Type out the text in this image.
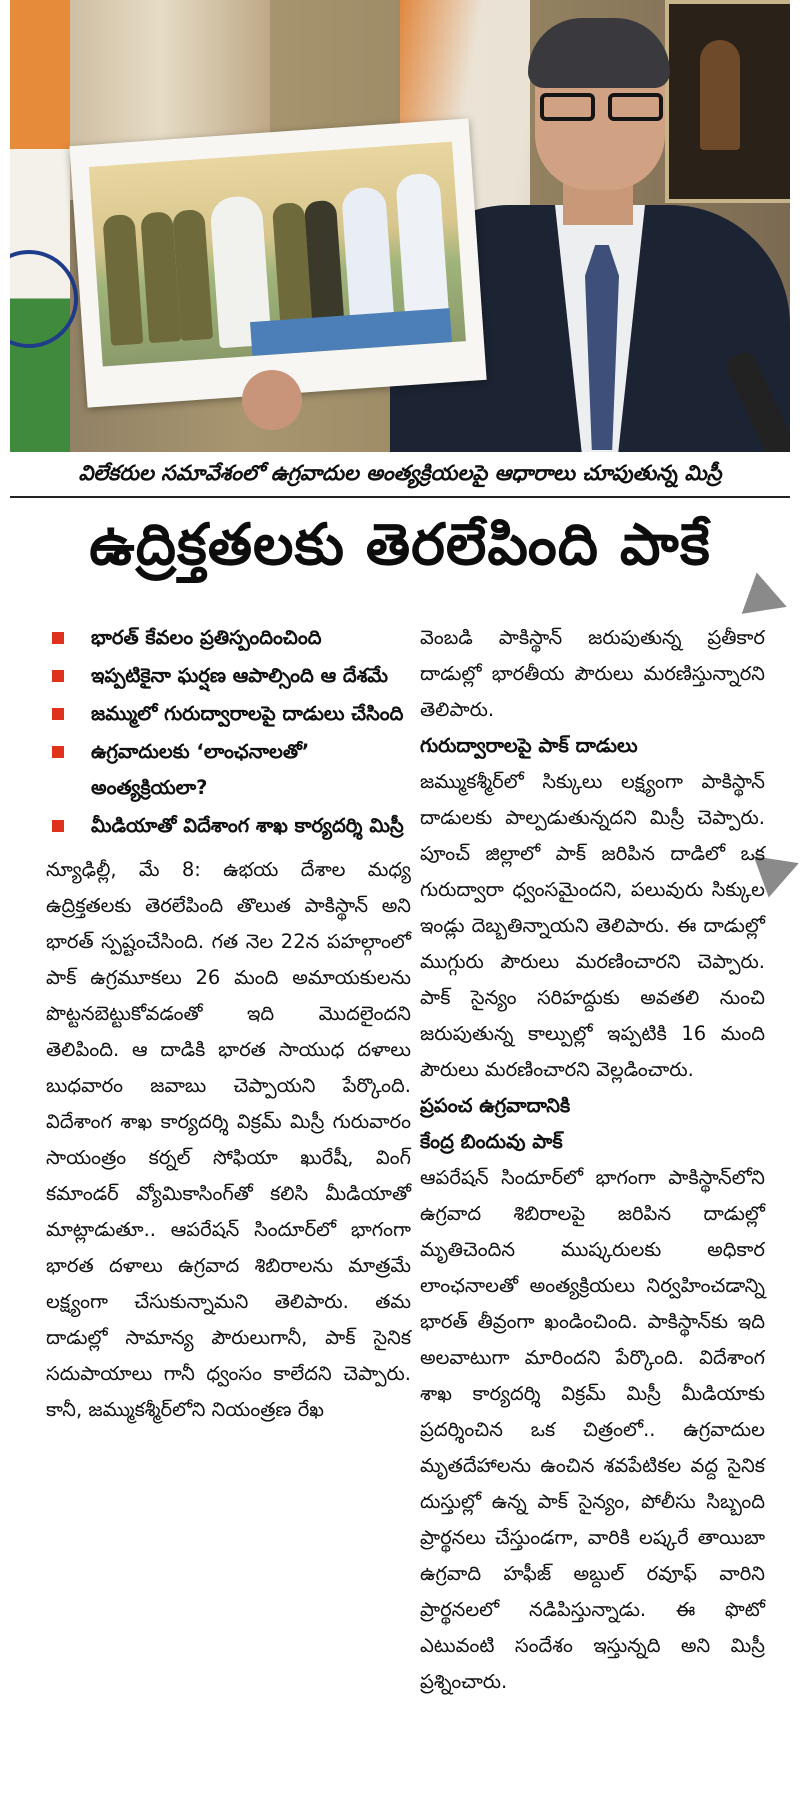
విలేకరుల సమావేశంలో ఉగ్రవాదుల అంత్యక్రియలపై ఆధారాలు చూపుతున్న మిస్రీ
ఉద్రిక్తతలకు తెరలేపింది పాకే
భారత్ కేవలం ప్రతిస్పందించింది
ఇప్పటికైనా ఘర్షణ ఆపాల్సింది ఆ దేశమే
జమ్ములో గురుద్వారాలపై దాడులు చేసింది
ఉగ్రవాదులకు ‘లాంఛనాలతో’ అంత్యక్రియలా?
మీడియాతో విదేశాంగ శాఖ కార్యదర్శి మిస్రీ

న్యూఢిల్లీ, మే 8: ఉభయ దేశాల మధ్య ఉద్రిక్తతలకు తెరలేపింది తొలుత పాకిస్థాన్ అని భారత్ స్పష్టంచేసింది. గత నెల 22న పహల్గాంలో పాక్ ఉగ్రమూకలు 26 మంది అమాయకులను పొట్టనబెట్టుకోవడంతో ఇది మొదలైందని తెలిపింది. ఆ దాడికి భారత సాయుధ దళాలు బుధవారం జవాబు చెప్పాయని పేర్కొంది. విదేశాంగ శాఖ కార్యదర్శి విక్రమ్ మిస్రీ గురువారం సాయంత్రం కర్నల్ సోఫియా ఖురేషీ, వింగ్ కమాండర్ వ్యోమికాసింగ్‌తో కలిసి మీడియాతో మాట్లాడుతూ.. ఆపరేషన్ సిందూర్‌లో భాగంగా భారత దళాలు ఉగ్రవాద శిబిరాలను మాత్రమే లక్ష్యంగా చేసుకున్నామని తెలిపారు. తమ దాడుల్లో సామాన్య పౌరులుగానీ, పాక్ సైనిక సదుపాయాలు గానీ ధ్వంసం కాలేదని చెప్పారు. కానీ, జమ్ముకశ్మీర్‌లోని నియంత్రణ రేఖ

వెంబడి పాకిస్థాన్ జరుపుతున్న ప్రతీకార దాడుల్లో భారతీయ పౌరులు మరణిస్తున్నారని తెలిపారు.

గురుద్వారాలపై పాక్ దాడులు

జమ్ముకశ్మీర్‌లో సిక్కులు లక్ష్యంగా పాకిస్థాన్ దాడులకు పాల్పడుతున్నదని మిస్రీ చెప్పారు. పూంచ్ జిల్లాలో పాక్ జరిపిన దాడిలో ఒక గురుద్వారా ధ్వంసమైందని, పలువురు సిక్కుల ఇండ్లు దెబ్బతిన్నాయని తెలిపారు. ఈ దాడుల్లో ముగ్గురు పౌరులు మరణించారని చెప్పారు. పాక్ సైన్యం సరిహద్దుకు అవతలి నుంచి జరుపుతున్న కాల్పుల్లో ఇప్పటికి 16 మంది పౌరులు మరణించారని వెల్లడించారు.

ప్రపంచ ఉగ్రవాదానికి

కేంద్ర బిందువు పాక్

ఆపరేషన్ సిందూర్‌లో భాగంగా పాకిస్థాన్‌లోని ఉగ్రవాద శిబిరాలపై జరిపిన దాడుల్లో మృతిచెందిన ముష్కరులకు అధికార లాంఛనాలతో అంత్యక్రియలు నిర్వహించడాన్ని భారత్ తీవ్రంగా ఖండించింది. పాకిస్థాన్‌కు ఇది అలవాటుగా మారిందని పేర్కొంది. విదేశాంగ శాఖ కార్యదర్శి విక్రమ్ మిస్రీ మీడియాకు ప్రదర్శించిన ఒక చిత్రంలో.. ఉగ్రవాదుల మృతదేహాలను ఉంచిన శవపేటికల వద్ద సైనిక దుస్తుల్లో ఉన్న పాక్ సైన్యం, పోలీసు సిబ్బంది ప్రార్థనలు చేస్తుండగా, వారికి లష్కరే తాయిబా ఉగ్రవాది హఫీజ్ అబ్దుల్ రవూఫ్ వారిని ప్రార్థనలలో నడిపిస్తున్నాడు. ఈ ఫొటో ఎటువంటి సందేశం ఇస్తున్నది అని మిస్రీ ప్రశ్నించారు.
